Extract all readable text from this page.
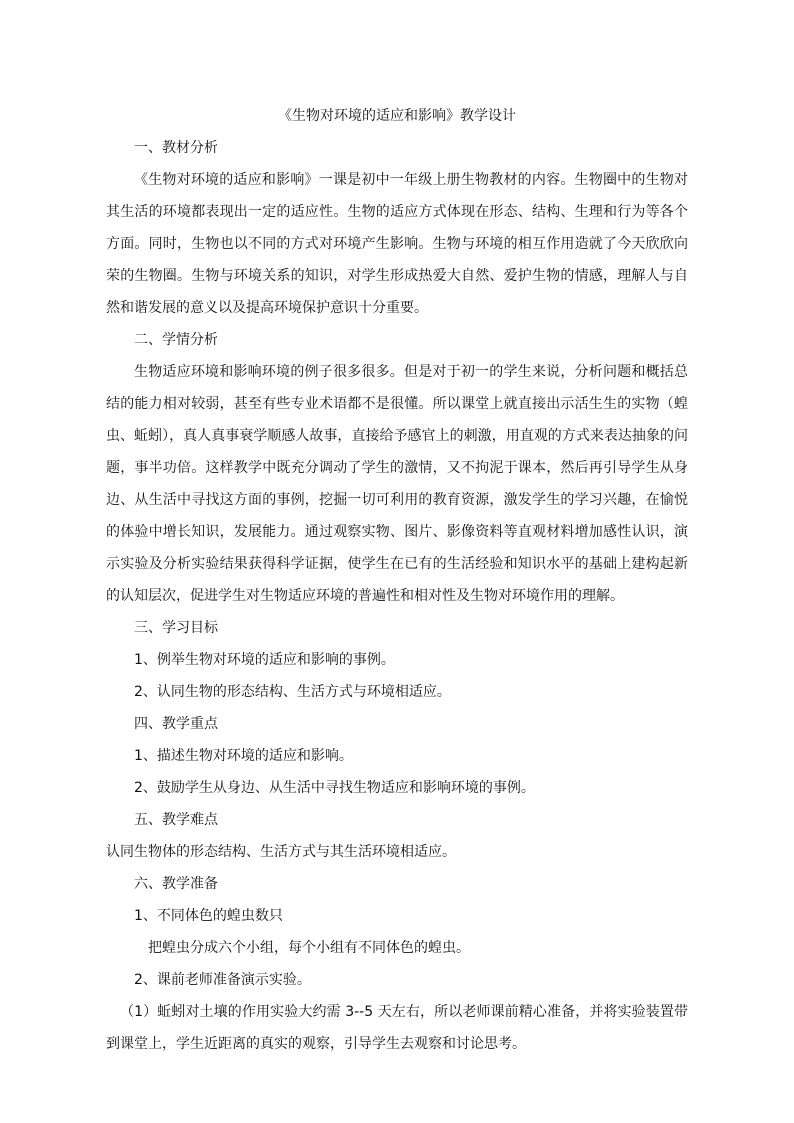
《生物对环境的适应和影响》教学设计

一、教材分析

《生物对环境的适应和影响》一课是初中一年级上册生物教材的内容。生物圈中的生物对其生活的环境都表现出一定的适应性。生物的适应方式体现在形态、结构、生理和行为等各个方面。同时，生物也以不同的方式对环境产生影响。生物与环境的相互作用造就了今天欣欣向荣的生物圈。生物与环境关系的知识，对学生形成热爱大自然、爱护生物的情感，理解人与自然和谐发展的意义以及提高环境保护意识十分重要。

二、学情分析

生物适应环境和影响环境的例子很多很多。但是对于初一的学生来说，分析问题和概括总结的能力相对较弱，甚至有些专业术语都不是很懂。所以课堂上就直接出示活生生的实物（蝗虫、蚯蚓），真人真事衰学顺感人故事，直接给予感官上的刺激，用直观的方式来表达抽象的问题，事半功倍。这样教学中既充分调动了学生的激情，又不拘泥于课本，然后再引导学生从身边、从生活中寻找这方面的事例，挖掘一切可利用的教育资源，激发学生的学习兴趣，在愉悦的体验中增长知识，发展能力。通过观察实物、图片、影像资料等直观材料增加感性认识，演示实验及分析实验结果获得科学证据，使学生在已有的生活经验和知识水平的基础上建构起新的认知层次，促进学生对生物适应环境的普遍性和相对性及生物对环境作用的理解。

三、学习目标

1、例举生物对环境的适应和影响的事例。

2、认同生物的形态结构、生活方式与环境相适应。

四、教学重点

1、描述生物对环境的适应和影响。

2、鼓励学生从身边、从生活中寻找生物适应和影响环境的事例。

五、教学难点

认同生物体的形态结构、生活方式与其生活环境相适应。

六、教学准备

1、不同体色的蝗虫数只

把蝗虫分成六个小组，每个小组有不同体色的蝗虫。

2、课前老师准备演示实验。

（1）蚯蚓对土壤的作用实验大约需 3--5 天左右，所以老师课前精心准备，并将实验装置带到课堂上，学生近距离的真实的观察，引导学生去观察和讨论思考。
